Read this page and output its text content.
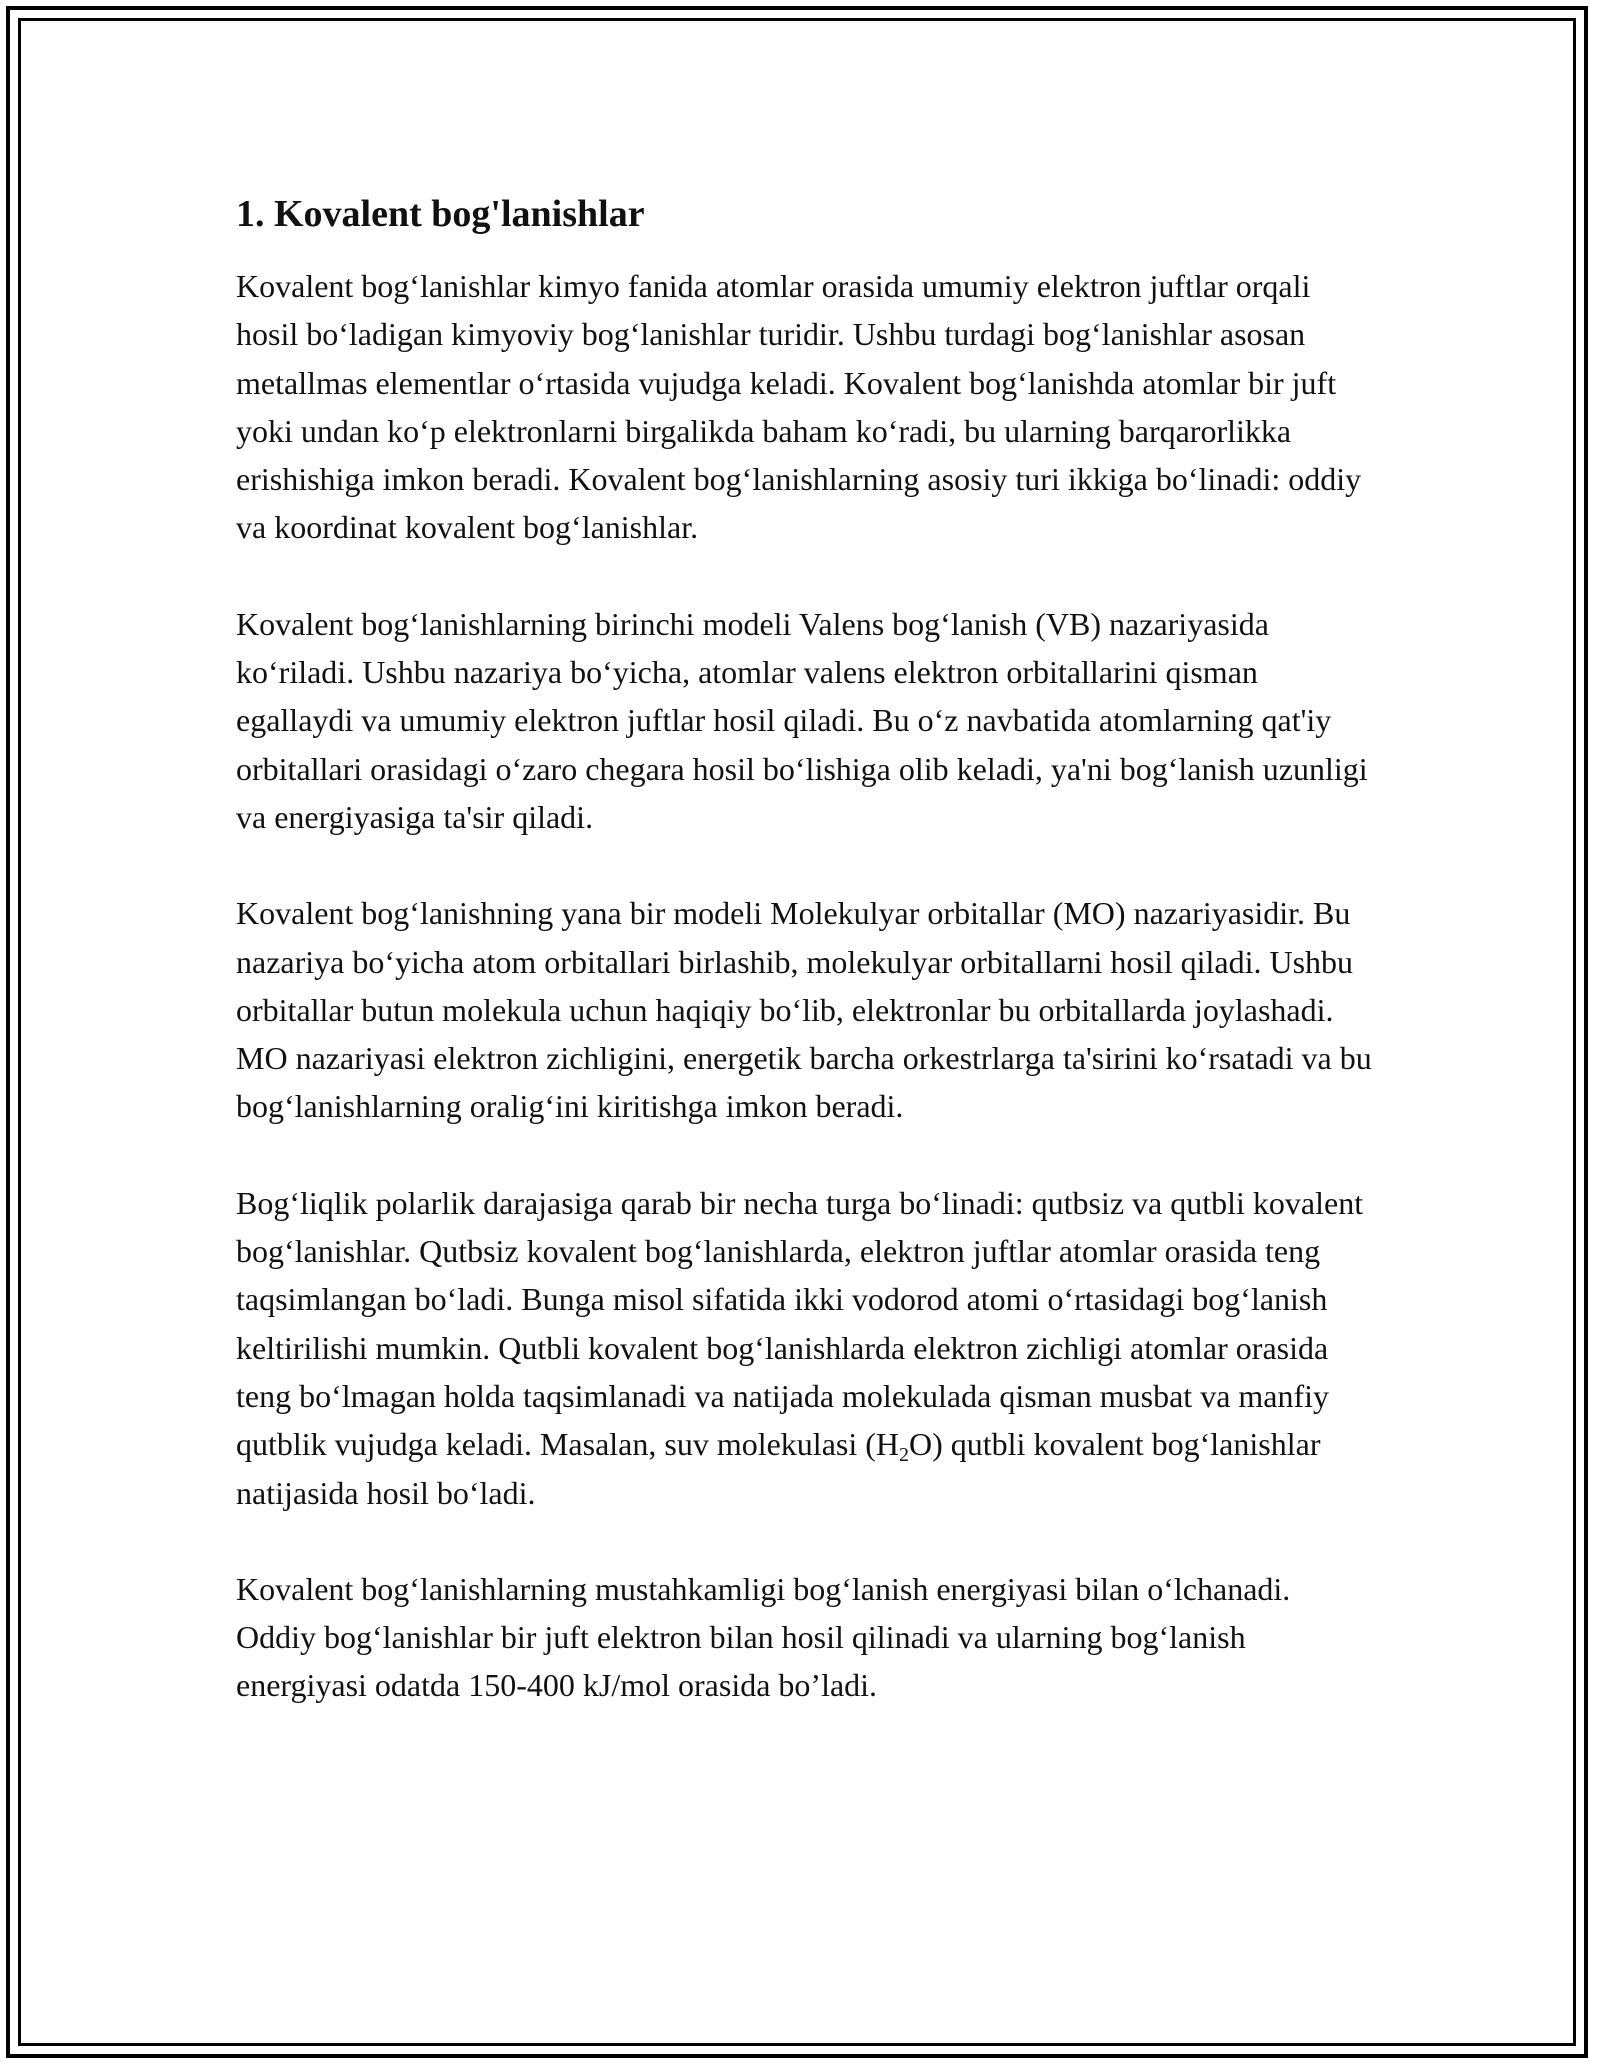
1. Kovalent bog'lanishlar

Kovalent bog‘lanishlar kimyo fanida atomlar orasida umumiy elektron juftlar orqali hosil bo‘ladigan kimyoviy bog‘lanishlar turidir. Ushbu turdagi bog‘lanishlar asosan metallmas elementlar o‘rtasida vujudga keladi. Kovalent bog‘lanishda atomlar bir juft yoki undan ko‘p elektronlarni birgalikda baham ko‘radi, bu ularning barqarorlikka erishishiga imkon beradi. Kovalent bog‘lanishlarning asosiy turi ikkiga bo‘linadi: oddiy va koordinat kovalent bog‘lanishlar.

Kovalent bog‘lanishlarning birinchi modeli Valens bog‘lanish (VB) nazariyasida ko‘riladi. Ushbu nazariya bo‘yicha, atomlar valens elektron orbitallarini qisman egallaydi va umumiy elektron juftlar hosil qiladi. Bu o‘z navbatida atomlarning qat'iy orbitallari orasidagi o‘zaro chegara hosil bo‘lishiga olib keladi, ya'ni bog‘lanish uzunligi va energiyasiga ta'sir qiladi.

Kovalent bog‘lanishning yana bir modeli Molekulyar orbitallar (MO) nazariyasidir. Bu nazariya bo‘yicha atom orbitallari birlashib, molekulyar orbitallarni hosil qiladi. Ushbu orbitallar butun molekula uchun haqiqiy bo‘lib, elektronlar bu orbitallarda joylashadi. MO nazariyasi elektron zichligini, energetik barcha orkestrlarga ta'sirini ko‘rsatadi va bu bog‘lanishlarning oralig‘ini kiritishga imkon beradi.

Bog‘liqlik polarlik darajasiga qarab bir necha turga bo‘linadi: qutbsiz va qutbli kovalent bog‘lanishlar. Qutbsiz kovalent bog‘lanishlarda, elektron juftlar atomlar orasida teng taqsimlangan bo‘ladi. Bunga misol sifatida ikki vodorod atomi o‘rtasidagi bog‘lanish keltirilishi mumkin. Qutbli kovalent bog‘lanishlarda elektron zichligi atomlar orasida teng bo‘lmagan holda taqsimlanadi va natijada molekulada qisman musbat va manfiy qutblik vujudga keladi. Masalan, suv molekulasi $(H_2O)$ qutbli kovalent bog‘lanishlar natijasida hosil bo‘ladi.

Kovalent bog‘lanishlarning mustahkamligi bog‘lanish energiyasi bilan o‘lchanadi. Oddiy bog‘lanishlar bir juft elektron bilan hosil qilinadi va ularning bog‘lanish energiyasi odatda 150-400 kJ/mol orasida bo’ladi.
